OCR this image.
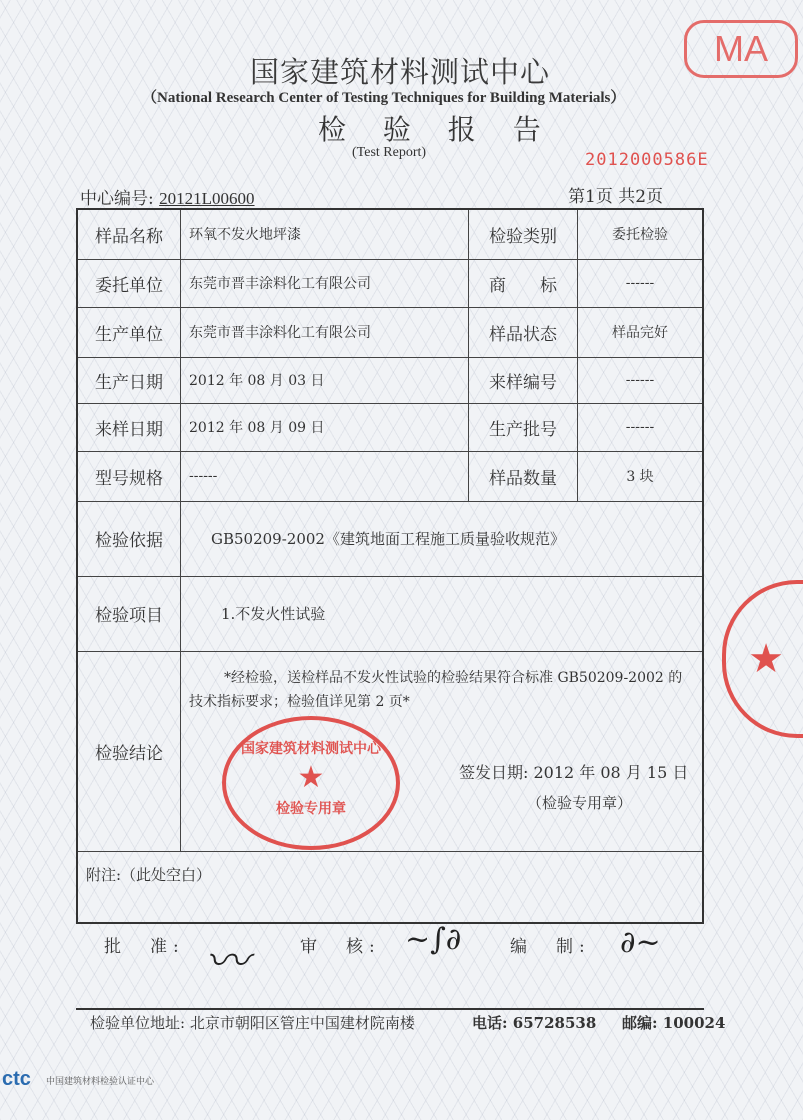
国家建筑材料测试中心
（National Research Center of Testing Techniques for Building Materials）
检 验 报 告
(Test Report)
MA
2012000586E
中心编号: 20121L00600	第1页 共2页
样品名称	环氧不发火地坪漆	检验类别	委托检验
委托单位	东莞市晋丰涂料化工有限公司	商　　标	------
生产单位	东莞市晋丰涂料化工有限公司	样品状态	样品完好
生产日期	2012 年 08 月 03 日	来样编号	------
来样日期	2012 年 08 月 09 日	生产批号	------
型号规格	------	样品数量	3 块
检验依据	GB50209-2002《建筑地面工程施工质量验收规范》		
检验项目	1.不发火性试验		
检验结论	*经检验，送检样品不发火性试验的检验结果符合标准 GB50209-2002 的技术指标要求；检验值详见第 2 页*
签发日期: 2012 年 08 月 15 日
（检验专用章）		

附注:（此处空白）			
国家建筑材料测试中心
★
检验专用章
★
批　准: 〰	审　核: ~∫∂	编　制: ∂~
检验单位地址: 北京市朝阳区管庄中国建材院南楼	电话: 65728538 邮编: 100024
ctc 中国建筑材料检验认证中心
